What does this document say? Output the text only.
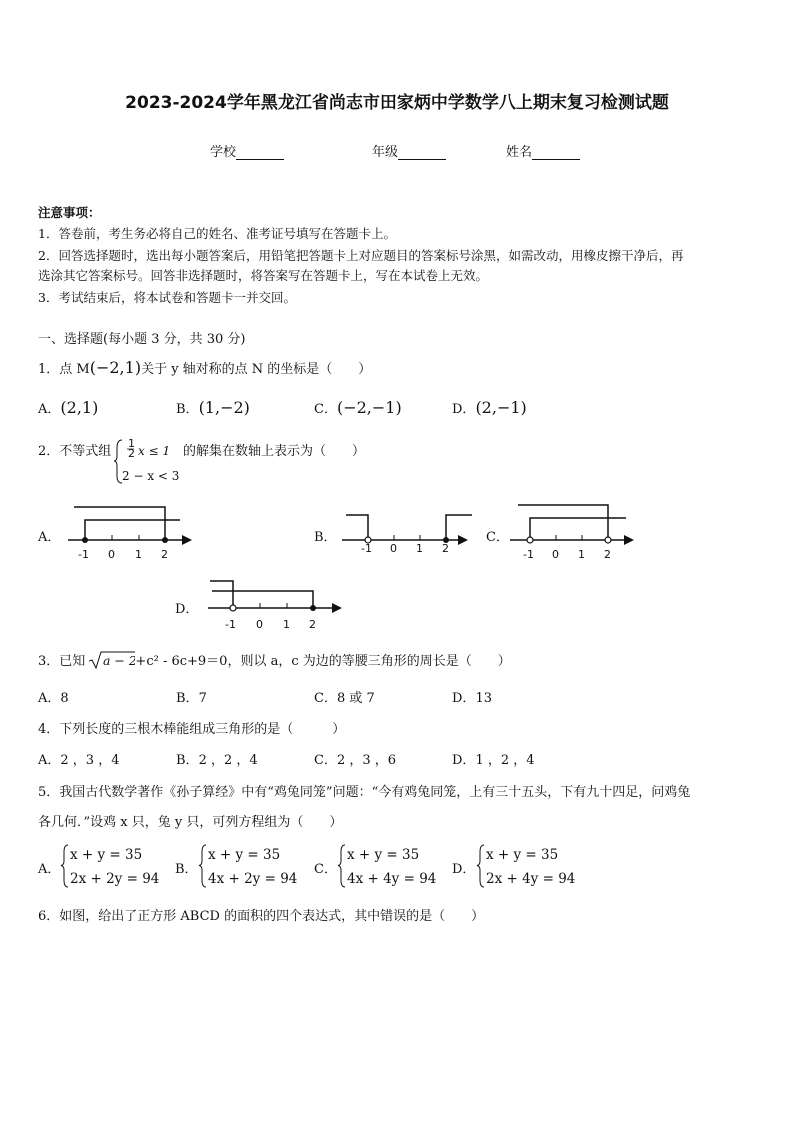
2023-2024学年黑龙江省尚志市田家炳中学数学八上期末复习检测试题
学校	年级	姓名
注意事项：
1．答卷前，考生务必将自己的姓名、准考证号填写在答题卡上。
2．回答选择题时，选出每小题答案后，用铅笔把答题卡上对应题目的答案标号涂黑，如需改动，用橡皮擦干净后，再
选涂其它答案标号。回答非选择题时，将答案写在答题卡上，写在本试卷上无效。
3．考试结束后，将本试卷和答题卡一并交回。
一、选择题(每小题 3 分，共 30 分)
1．点 M(−2,1)关于 y 轴对称的点 N 的坐标是（　　）
A．(2,1)	B．(1,−2)	C．(−2,−1)	D．(2,−1)
2．不等式组
1
2 x ≤ 1
2 − x < 3
的解集在数轴上表示为（　　）
A．
-1 0 1 2
B．
-1 0 1 2
C．
-1 0 1 2
D．
-1 0 1 2
3．已知 a − 2
+c² - 6c+9＝0，则以 a，c 为边的等腰三角形的周长是（　　）
A．8	B．7	C．8 或 7	D．13
4．下列长度的三根木棒能组成三角形的是（　　　）
A．2 ，3 ，4	B．2 ，2 ，4	C．2 ，3 ，6	D．1 ，2 ，4
5．我国古代数学著作《孙子算经》中有“鸡兔同笼”问题：“今有鸡兔同笼，上有三十五头，下有九十四足，问鸡兔
各几何．”设鸡 x 只，兔 y 只，可列方程组为（　　）
A．
x + y = 35
2x + 2y = 94
B．
x + y = 35
4x + 2y = 94
C．
x + y = 35
4x + 4y = 94
D．
x + y = 35
2x + 4y = 94
6．如图，给出了正方形 ABCD 的面积的四个表达式，其中错误的是（　　）
